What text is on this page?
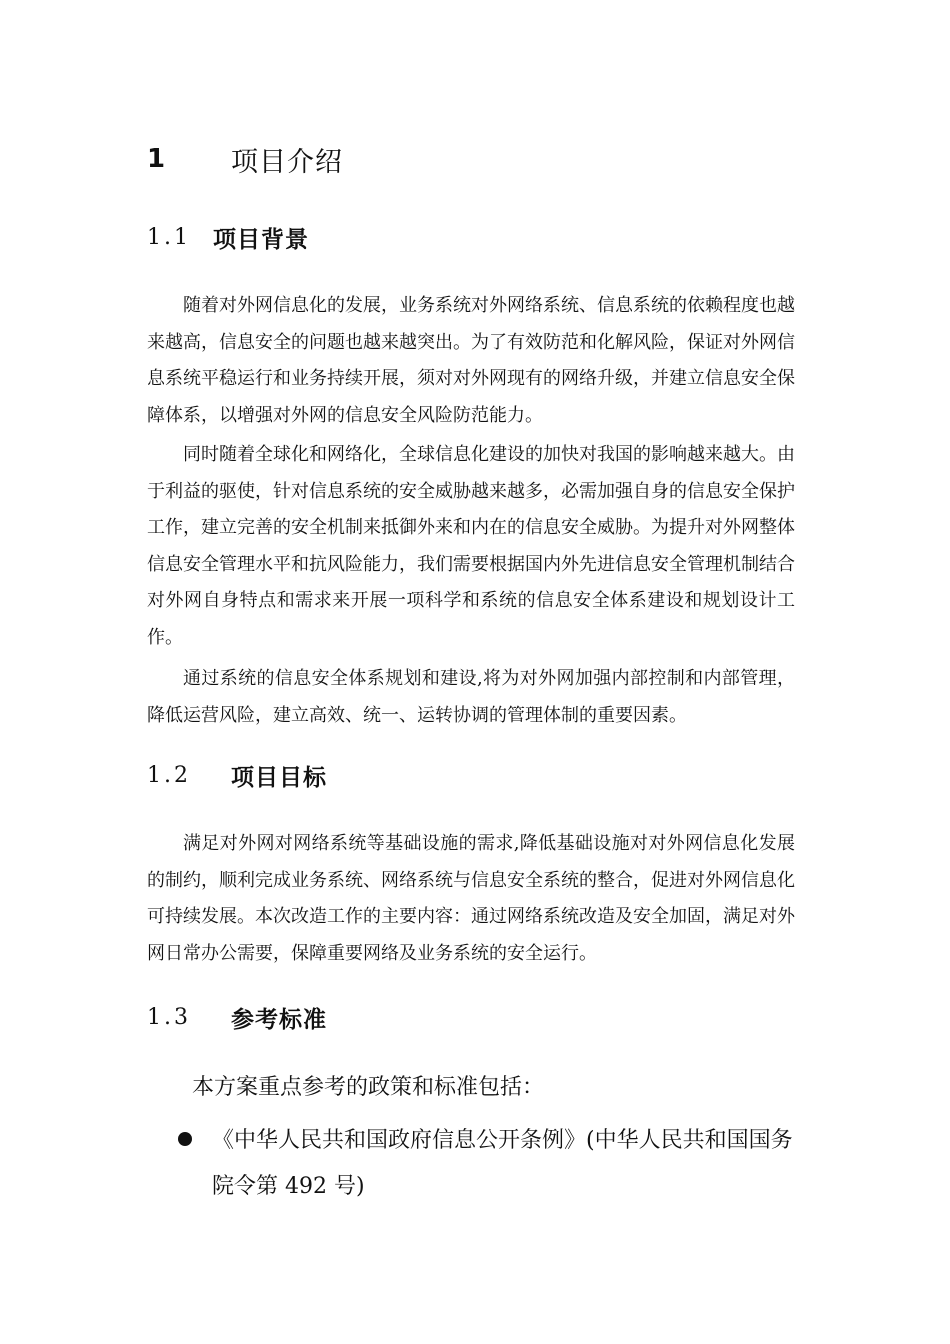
1	项目介绍
1.1 项目背景

随着对外网信息化的发展，业务系统对外网络系统、信息系统的依赖程度也越来越高，信息安全的问题也越来越突出。为了有效防范和化解风险，保证对外网信息系统平稳运行和业务持续开展，须对对外网现有的网络升级，并建立信息安全保障体系，以增强对外网的信息安全风险防范能力。

同时随着全球化和网络化，全球信息化建设的加快对我国的影响越来越大。由于利益的驱使，针对信息系统的安全威胁越来越多，必需加强自身的信息安全保护工作，建立完善的安全机制来抵御外来和内在的信息安全威胁。为提升对外网整体信息安全管理水平和抗风险能力，我们需要根据国内外先进信息安全管理机制结合对外网自身特点和需求来开展一项科学和系统的信息安全体系建设和规划设计工作。

通过系统的信息安全体系规划和建设,将为对外网加强内部控制和内部管理，降低运营风险，建立高效、统一、运转协调的管理体制的重要因素。

1.2	项目目标

满足对外网对网络系统等基础设施的需求,降低基础设施对对外网信息化发展的制约，顺利完成业务系统、网络系统与信息安全系统的整合，促进对外网信息化可持续发展。本次改造工作的主要内容：通过网络系统改造及安全加固，满足对外网日常办公需要，保障重要网络及业务系统的安全运行。

1.3	参考标准

本方案重点参考的政策和标准包括：

《中华人民共和国政府信息公开条例》(中华人民共和国国务院令第 492 号)
